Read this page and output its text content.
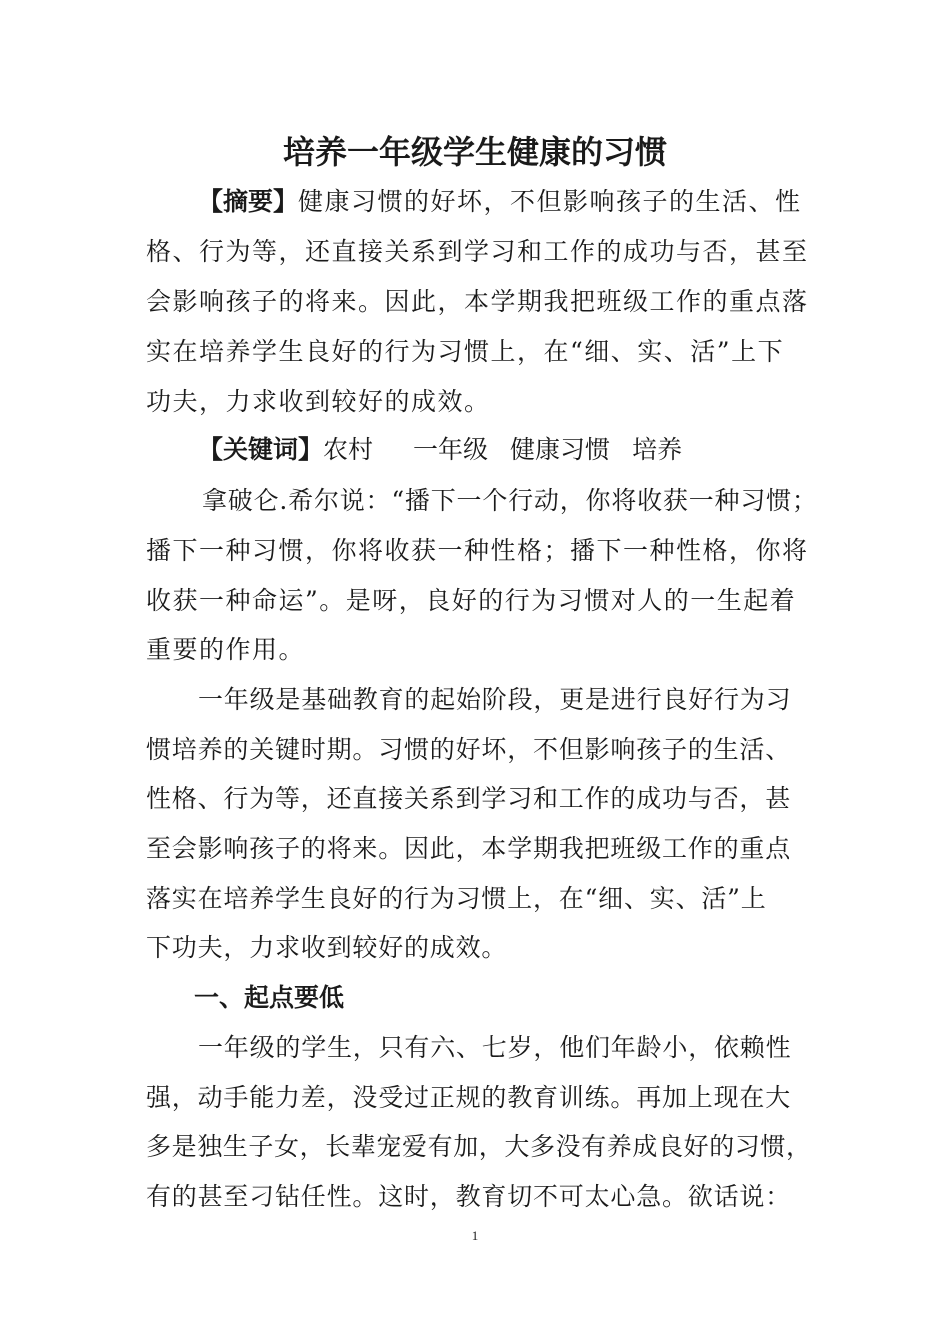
培养一年级学生健康的习惯
【摘要】健康习惯的好坏，不但影响孩子的生活、性
格、行为等，还直接关系到学习和工作的成功与否，甚至
会影响孩子的将来。因此，本学期我把班级工作的重点落
实在培养学生良好的行为习惯上，在“细、实、活”上下
功夫，力求收到较好的成效。
【关键词】农村 一年级 健康习惯 培养
拿破仑.希尔说：“播下一个行动，你将收获一种习惯；
播下一种习惯，你将收获一种性格；播下一种性格，你将
收获一种命运”。是呀，良好的行为习惯对人的一生起着
重要的作用。
一年级是基础教育的起始阶段，更是进行良好行为习
惯培养的关键时期。习惯的好坏，不但影响孩子的生活、
性格、行为等，还直接关系到学习和工作的成功与否，甚
至会影响孩子的将来。因此，本学期我把班级工作的重点
落实在培养学生良好的行为习惯上，在“细、实、活”上
下功夫，力求收到较好的成效。
一、起点要低
一年级的学生，只有六、七岁，他们年龄小，依赖性
强，动手能力差，没受过正规的教育训练。再加上现在大
多是独生子女，长辈宠爱有加，大多没有养成良好的习惯，
有的甚至刁钻任性。这时，教育切不可太心急。欲话说：
1
